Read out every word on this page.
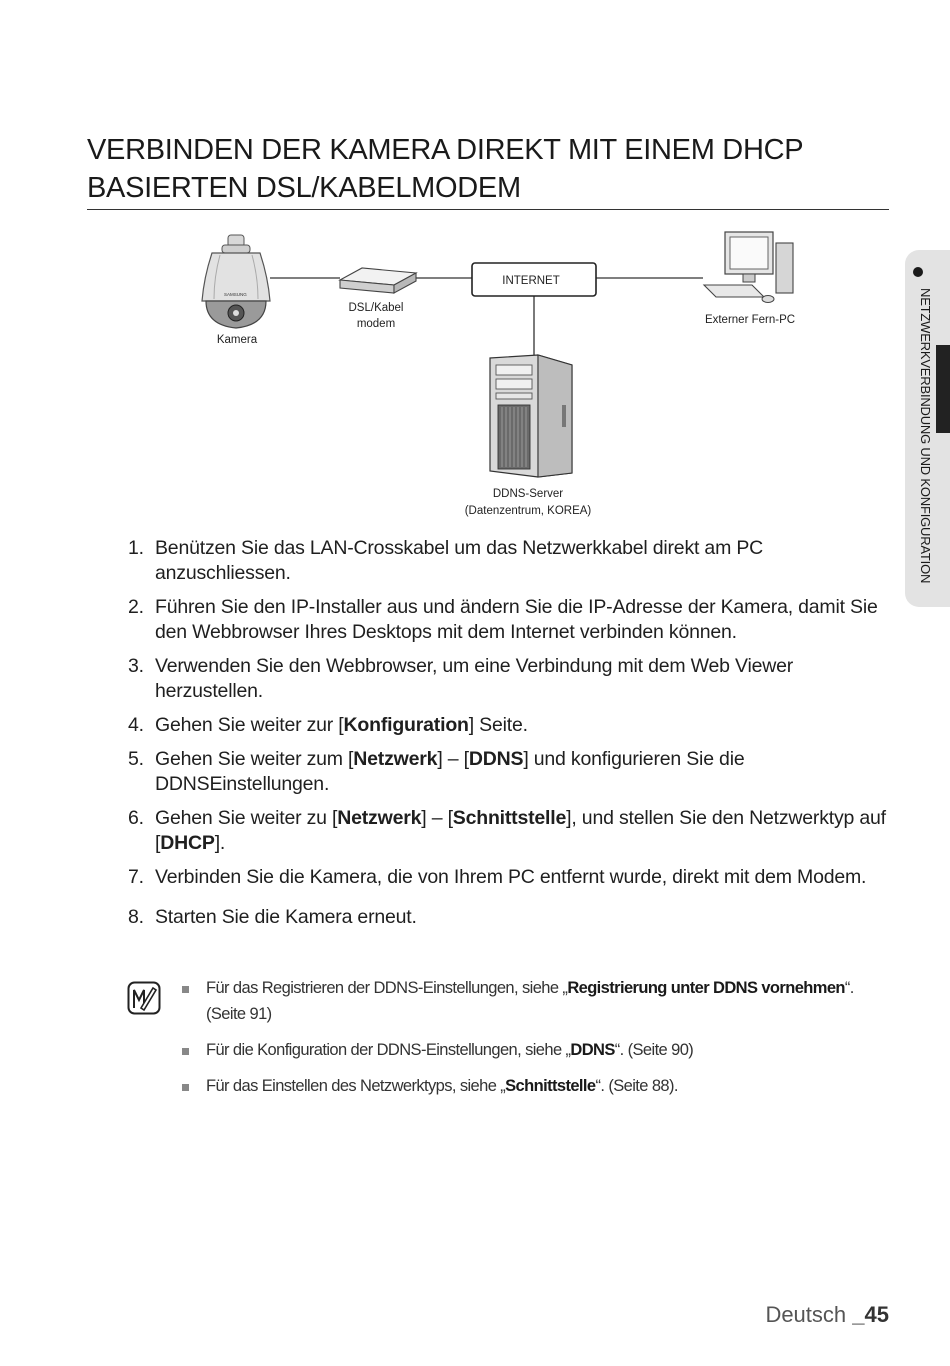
VERBINDEN DER KAMERA DIREKT MIT EINEM DHCP
BASIERTEN DSL/KABELMODEM
SAMSUNG
Kamera
DSL/Kabel
modem
INTERNET
Externer Fern-PC
DDNS-Server
(Datenzentrum, KOREA)
1. Benützen Sie das LAN-Crosskabel um das Netzwerkkabel direkt am PC anzuschliessen.
2. Führen Sie den IP-Installer aus und ändern Sie die IP-Adresse der Kamera, damit Sie den Webbrowser Ihres Desktops mit dem Internet verbinden können.
3. Verwenden Sie den Webbrowser, um eine Verbindung mit dem Web Viewer herzustellen.
4. Gehen Sie weiter zur [Konfiguration] Seite.
5. Gehen Sie weiter zum [Netzwerk] – [DDNS] und konfigurieren Sie die DDNSEinstellungen.
6. Gehen Sie weiter zu [Netzwerk] – [Schnittstelle], und stellen Sie den Netzwerktyp auf [DHCP].
7. Verbinden Sie die Kamera, die von Ihrem PC entfernt wurde, direkt mit dem Modem.
8. Starten Sie die Kamera erneut.
Für das Registrieren der DDNS-Einstellungen, siehe „Registrierung unter DDNS vornehmen“. (Seite 91)
Für die Konfiguration der DDNS-Einstellungen, siehe „DDNS“. (Seite 90)
Für das Einstellen des Netzwerktyps, siehe „Schnittstelle“. (Seite 88).
NETZWERKVERBINDUNG UND KONFIGURATION
Deutsch _45
